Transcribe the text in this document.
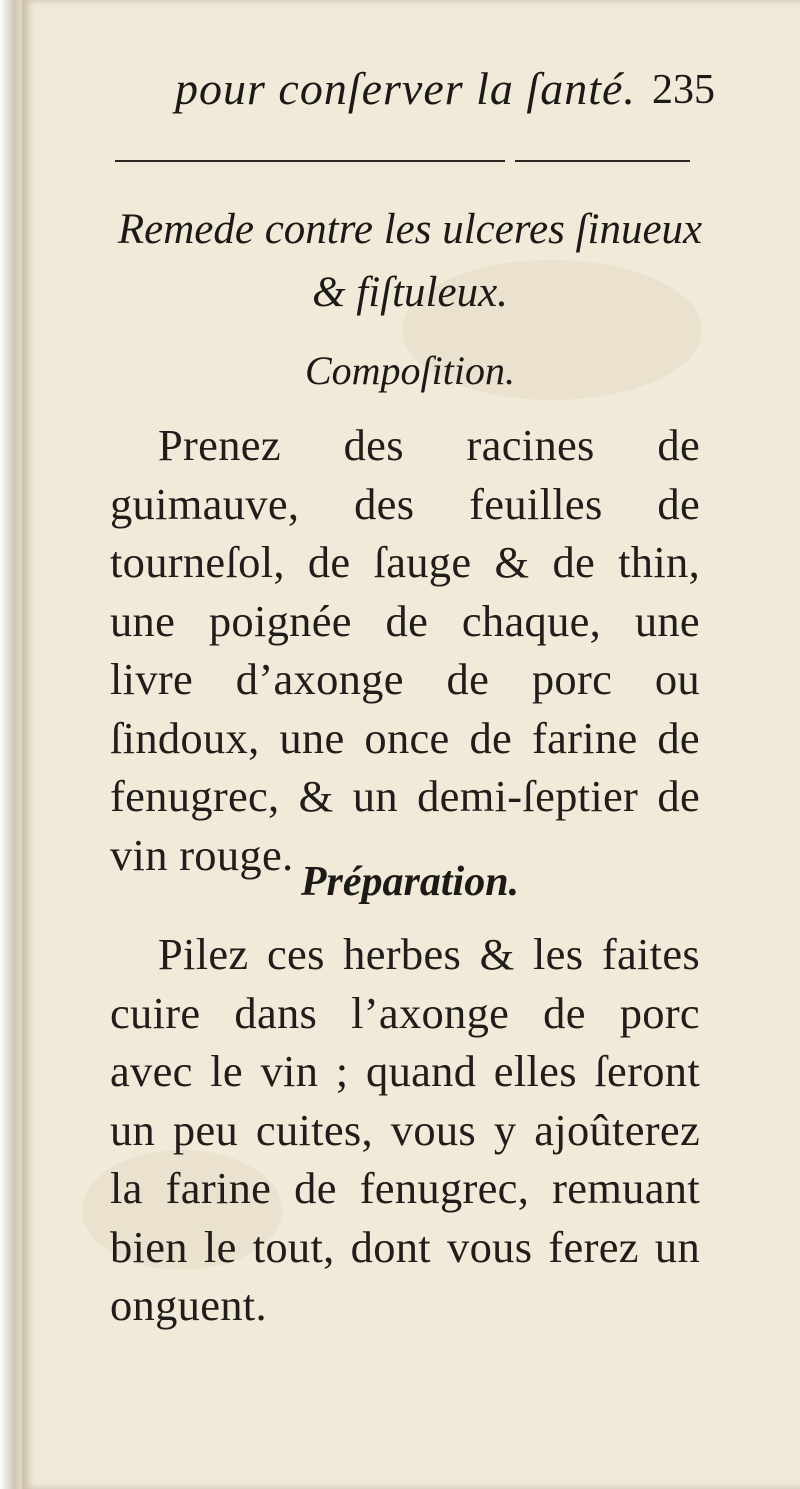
pour conſerver la ſanté. 235
Remede contre les ulceres ſinueux
& fiſtuleux.
Compoſition.

Prenez des racines de guimauve, des feuilles de tourneſol, de ſauge & de thin, une poignée de chaque, une livre d’axonge de porc ou ſindoux, une once de farine de fenugrec, & un demi-ſeptier de vin rouge.

Préparation.

Pilez ces herbes & les faites cuire dans l’axonge de porc avec le vin ; quand elles ſeront un peu cuites, vous y ajoûterez la farine de fenugrec, remuant bien le tout, dont vous ferez un onguent.
